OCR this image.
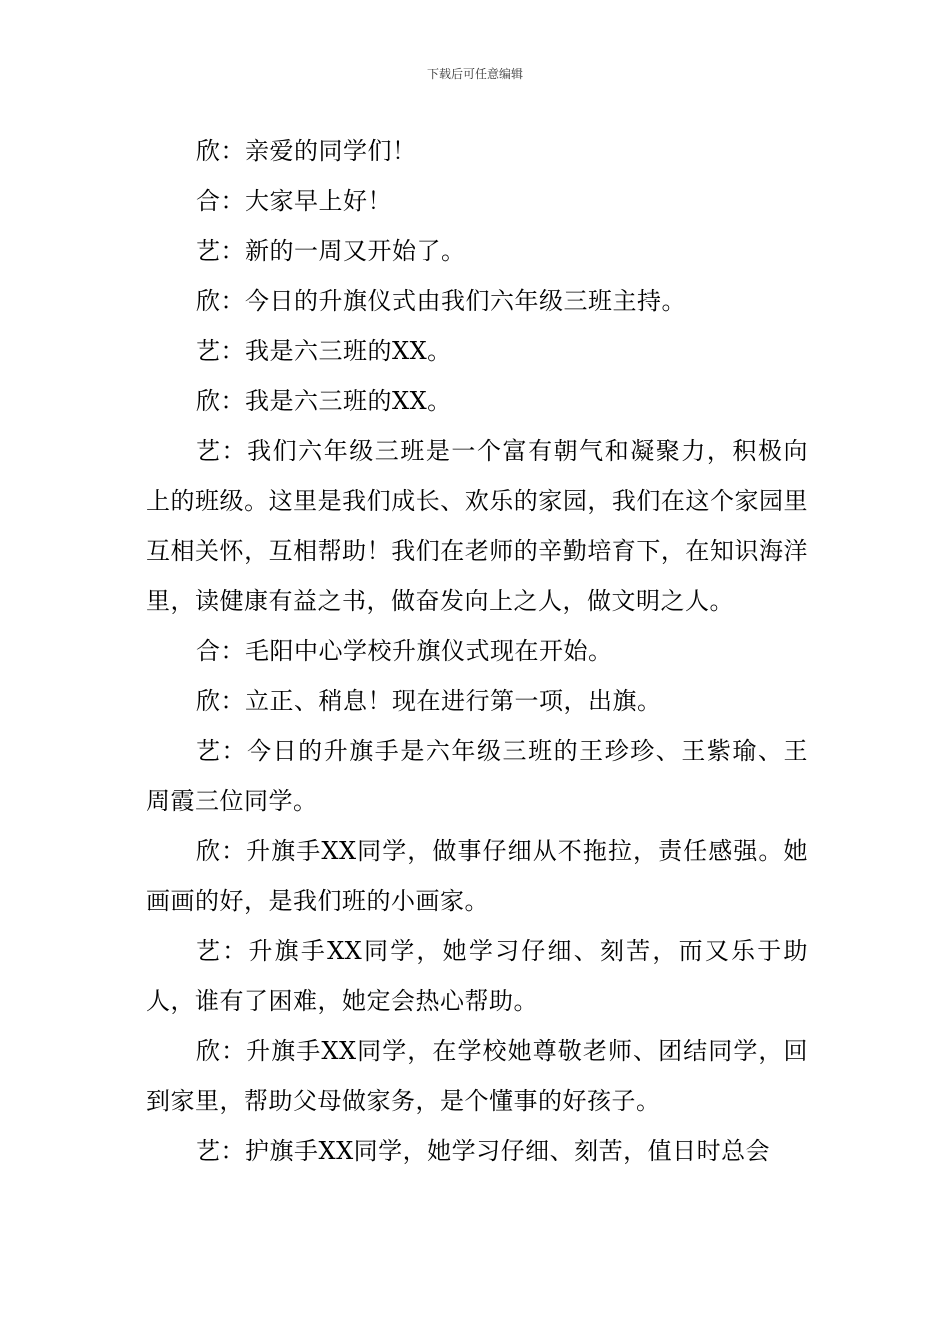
下载后可任意编辑

欣：亲爱的同学们！

合：大家早上好！

艺：新的一周又开始了。

欣：今日的升旗仪式由我们六年级三班主持。

艺：我是六三班的XX。

欣：我是六三班的XX。

艺：我们六年级三班是一个富有朝气和凝聚力，积极向上的班级。这里是我们成长、欢乐的家园，我们在这个家园里互相关怀，互相帮助！我们在老师的辛勤培育下，在知识海洋里，读健康有益之书，做奋发向上之人，做文明之人。

合：毛阳中心学校升旗仪式现在开始。

欣：立正、稍息！现在进行第一项，出旗。

艺：今日的升旗手是六年级三班的王珍珍、王紫瑜、王周霞三位同学。

欣：升旗手XX同学，做事仔细从不拖拉，责任感强。她画画的好，是我们班的小画家。

艺：升旗手XX同学，她学习仔细、刻苦，而又乐于助人，谁有了困难，她定会热心帮助。

欣：升旗手XX同学，在学校她尊敬老师、团结同学，回到家里，帮助父母做家务，是个懂事的好孩子。

艺：护旗手XX同学，她学习仔细、刻苦，值日时总会
